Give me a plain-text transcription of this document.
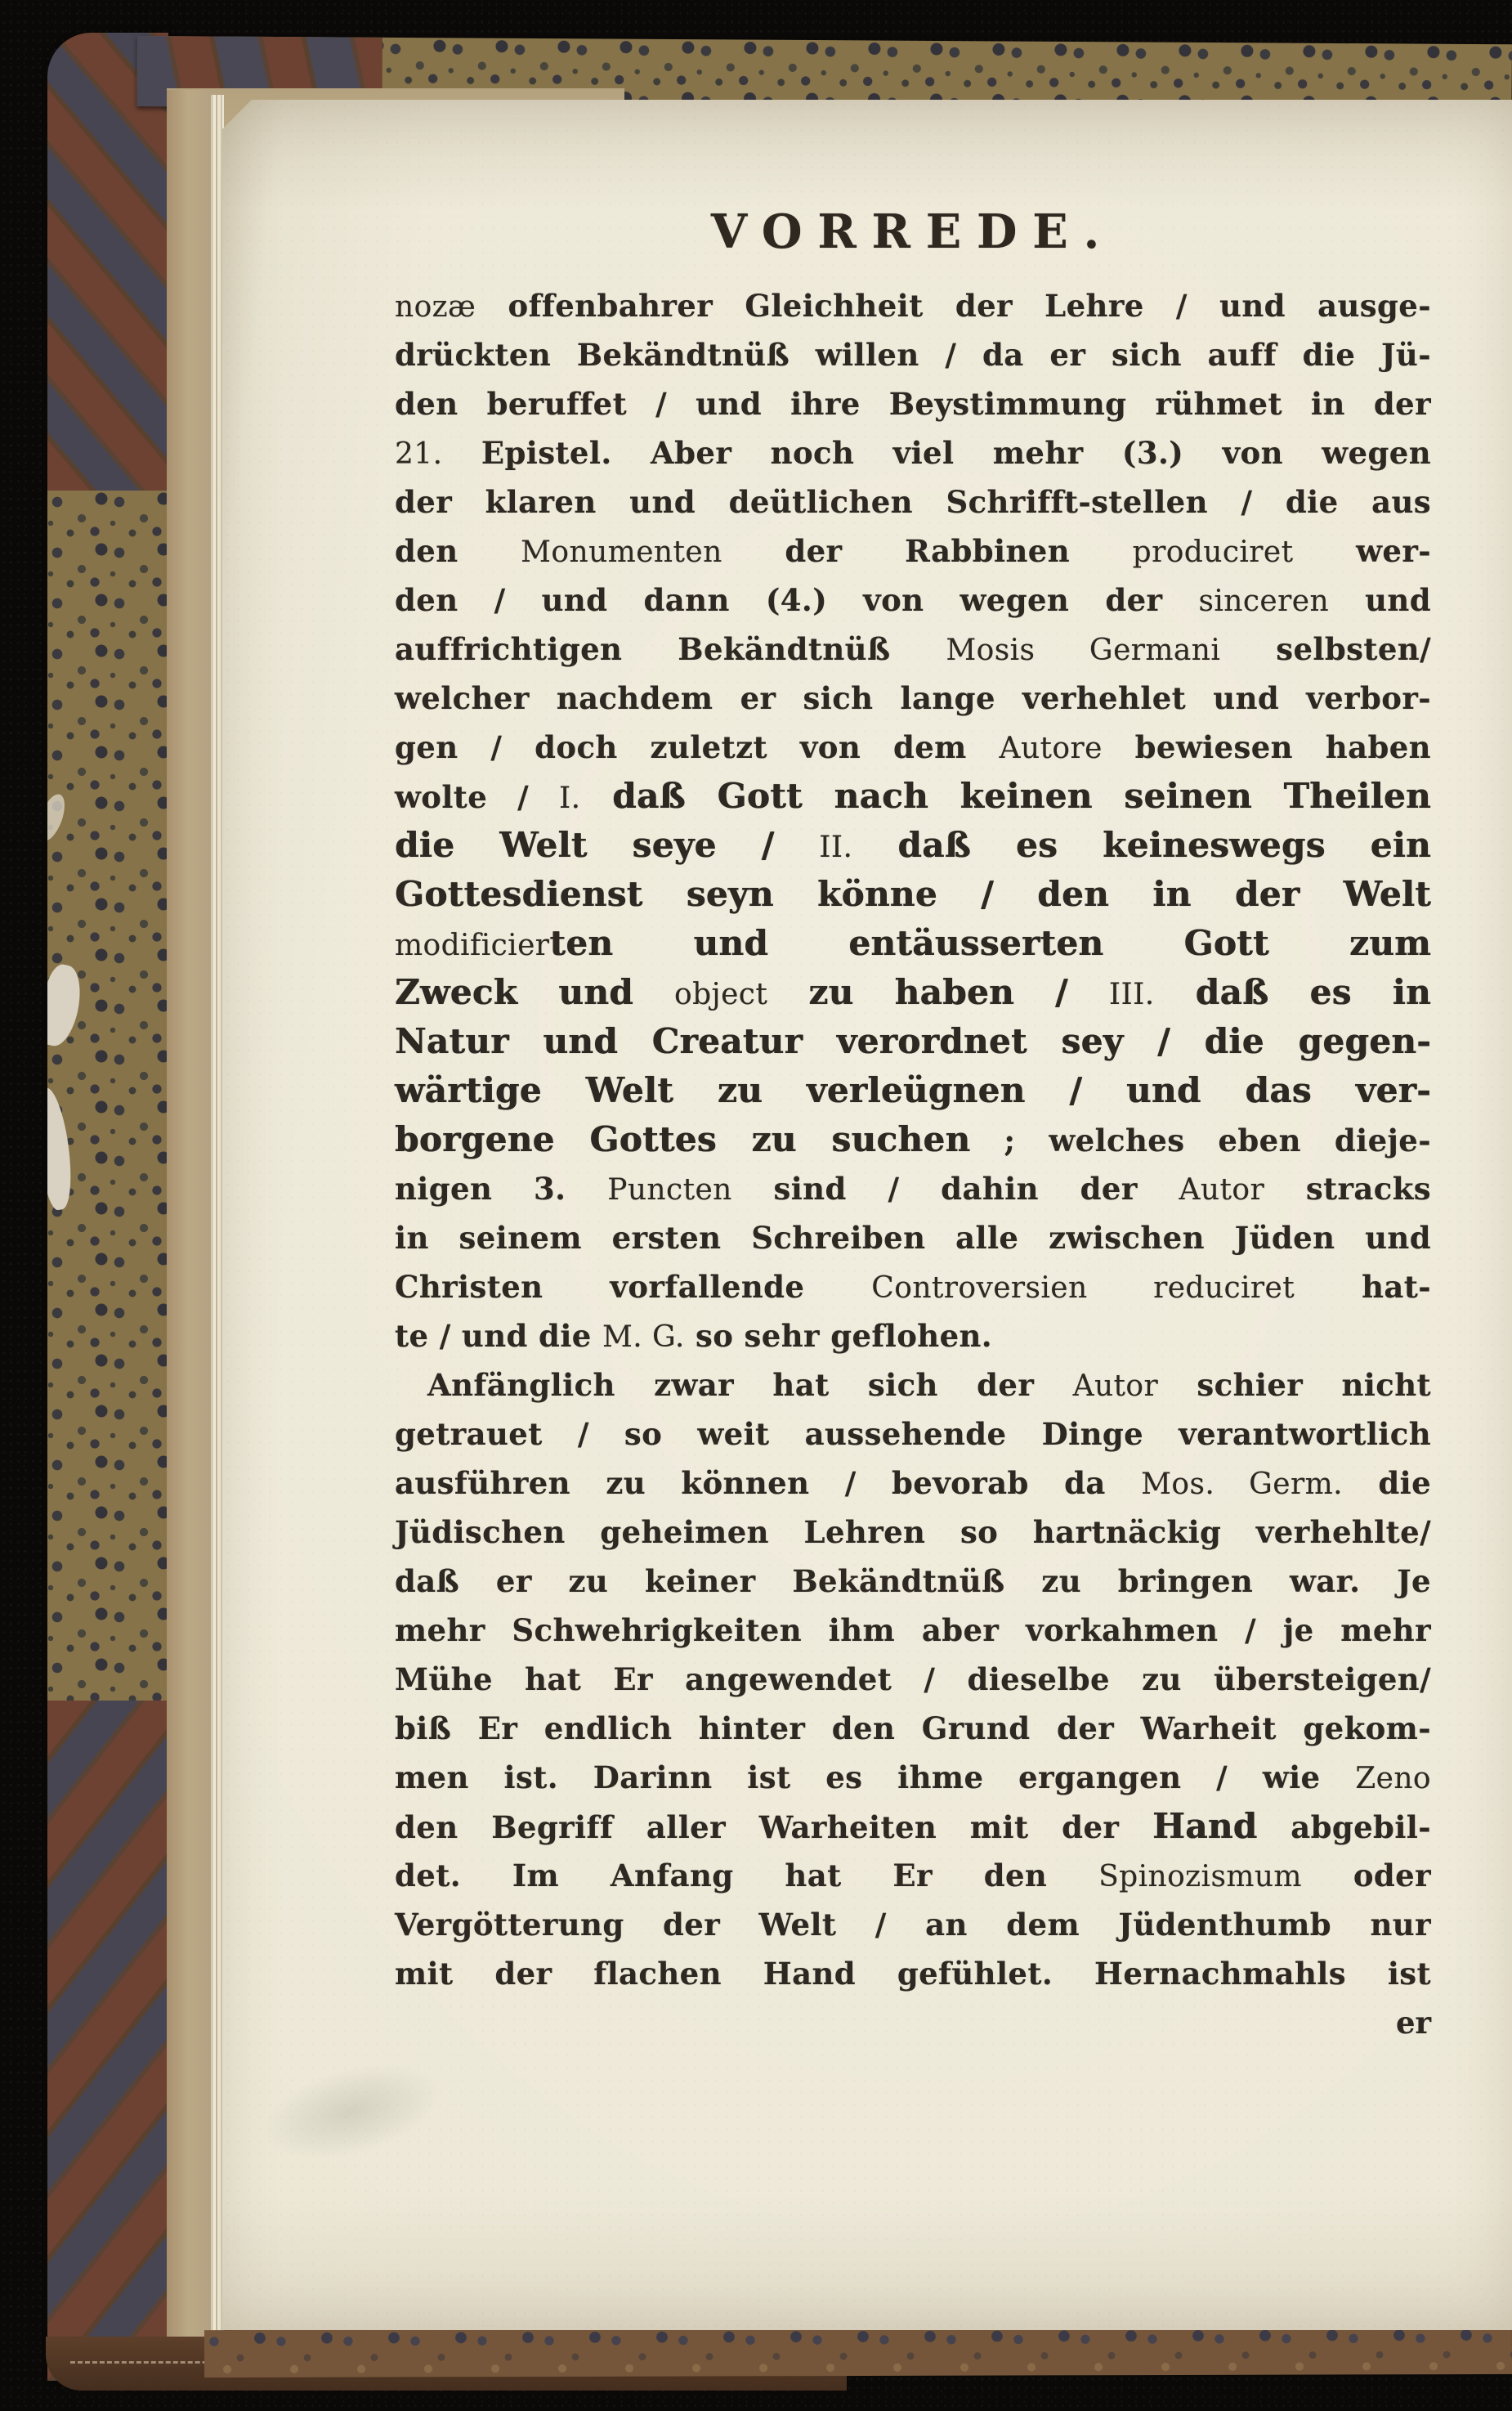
VORREDE.
nozæ offenbahrer Gleichheit der Lehre / und ausge-
drückten Bekändtnüß willen / da er sich auff die Jü-
den beruffet / und ihre Beystimmung rühmet in der
21. Epistel. Aber noch viel mehr (3.) von wegen
der klaren und deütlichen Schrifft-stellen / die aus
den Monumenten der Rabbinen produciret wer-
den / und dann (4.) von wegen der sinceren und
auffrichtigen Bekändtnüß Mosis Germani selbsten/
welcher nachdem er sich lange verhehlet und verbor-
gen / doch zuletzt von dem Autore bewiesen haben
wolte / I. daß Gott nach keinen seinen Theilen
die Welt seye / II. daß es keineswegs ein
Gottesdienst seyn könne / den in der Welt
modificierten und entäusserten Gott zum
Zweck und object zu haben / III. daß es in
Natur und Creatur verordnet sey / die gegen-
wärtige Welt zu verleügnen / und das ver-
borgene Gottes zu suchen ; welches eben dieje-
nigen 3. Puncten sind / dahin der Autor stracks
in seinem ersten Schreiben alle zwischen Jüden und
Christen vorfallende Controversien reduciret hat-
te / und die M. G. so sehr geflohen.
Anfänglich zwar hat sich der Autor schier nicht
getrauet / so weit aussehende Dinge verantwortlich
ausführen zu können / bevorab da Mos. Germ. die
Jüdischen geheimen Lehren so hartnäckig verhehlte/
daß er zu keiner Bekändtnüß zu bringen war. Je
mehr Schwehrigkeiten ihm aber vorkahmen / je mehr
Mühe hat Er angewendet / dieselbe zu übersteigen/
biß Er endlich hinter den Grund der Warheit gekom-
men ist. Darinn ist es ihme ergangen / wie Zeno
den Begriff aller Warheiten mit der Hand abgebil-
det. Im Anfang hat Er den Spinozismum oder
Vergötterung der Welt / an dem Jüdenthumb nur
mit der flachen Hand gefühlet. Hernachmahls ist
er
